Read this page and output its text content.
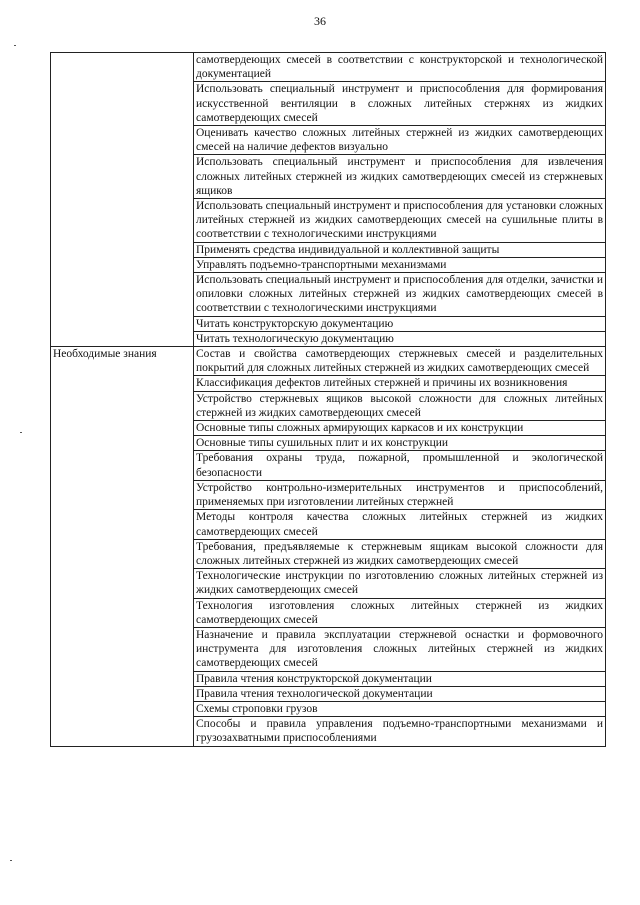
36
	самотвердеющих смесей в соответствии с конструкторской и технологической документацией
	Использовать специальный инструмент и приспособления для формирования искусственной вентиляции в сложных литейных стержнях из жидких самотвердеющих смесей
	Оценивать качество сложных литейных стержней из жидких самотвердеющих смесей на наличие дефектов визуально
	Использовать специальный инструмент и приспособления для извлечения сложных литейных стержней из жидких самотвердеющих смесей из стержневых ящиков
	Использовать специальный инструмент и приспособления для установки сложных литейных стержней из жидких самотвердеющих смесей на сушильные плиты в соответствии с технологическими инструкциями
	Применять средства индивидуальной и коллективной защиты
	Управлять подъемно-транспортными механизмами
	Использовать специальный инструмент и приспособления для отделки, зачистки и опиловки сложных литейных стержней из жидких самотвердеющих смесей в соответствии с технологическими инструкциями
	Читать конструкторскую документацию
	Читать технологическую документацию
Необходимые знания	Состав и свойства самотвердеющих стержневых смесей и разделительных покрытий для сложных литейных стержней из жидких самотвердеющих смесей
	Классификация дефектов литейных стержней и причины их возникновения
	Устройство стержневых ящиков высокой сложности для сложных литейных стержней из жидких самотвердеющих смесей
	Основные типы сложных армирующих каркасов и их конструкции
	Основные типы сушильных плит и их конструкции
	Требования охраны труда, пожарной, промышленной и экологической безопасности
	Устройство контрольно-измерительных инструментов и приспособлений, применяемых при изготовлении литейных стержней
	Методы контроля качества сложных литейных стержней из жидких самотвердеющих смесей
	Требования, предъявляемые к стержневым ящикам высокой сложности для сложных литейных стержней из жидких самотвердеющих смесей
	Технологические инструкции по изготовлению сложных литейных стержней из жидких самотвердеющих смесей
	Технология изготовления сложных литейных стержней из жидких самотвердеющих смесей
	Назначение и правила эксплуатации стержневой оснастки и формовочного инструмента для изготовления сложных литейных стержней из жидких самотвердеющих смесей
	Правила чтения конструкторской документации
	Правила чтения технологической документации
	Схемы строповки грузов
	Способы и правила управления подъемно-транспортными механизмами и грузозахватными приспособлениями
